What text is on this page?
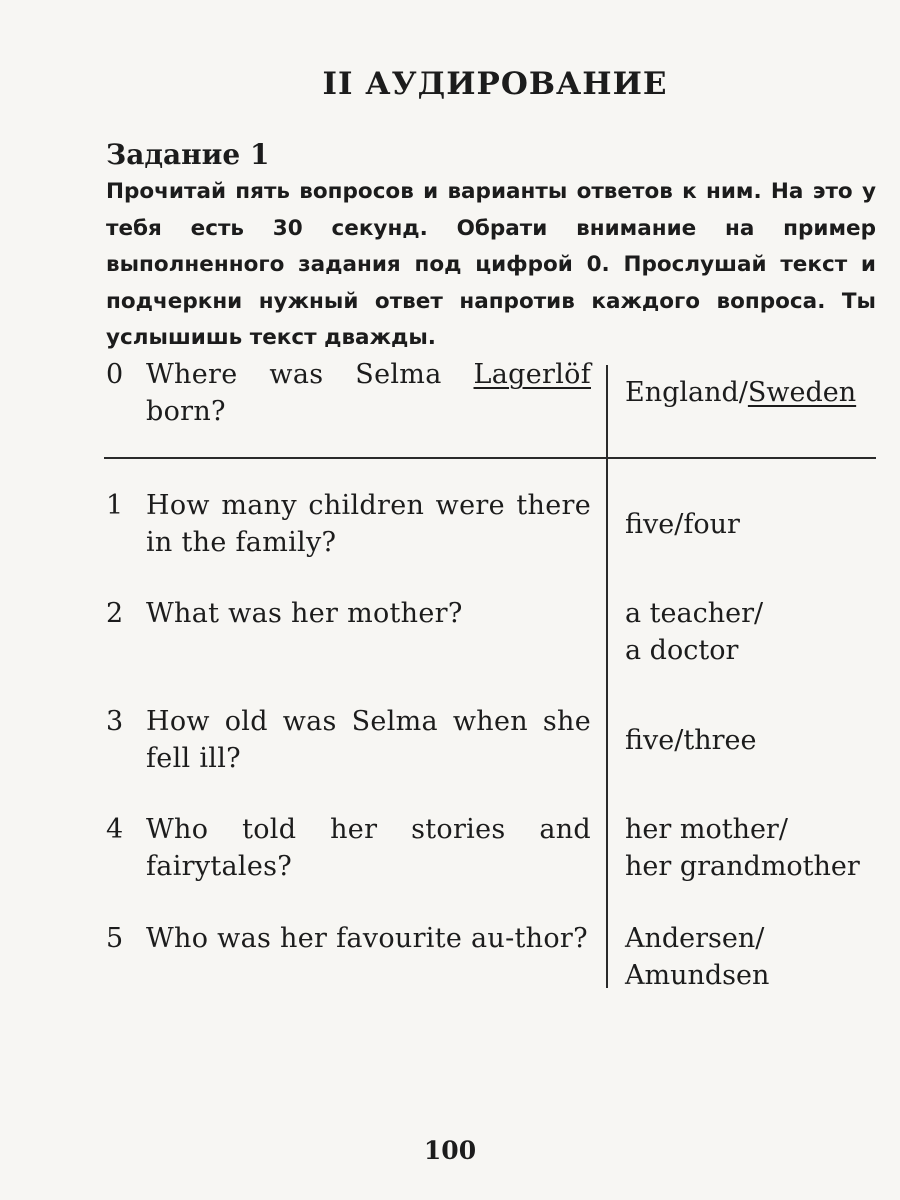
II АУДИРОВАНИЕ
Задание 1
Прочитай пять вопросов и варианты ответов к ним. На это у тебя есть 30 секунд. Обрати внимание на пример выполненного задания под цифрой 0. Прослушай текст и подчеркни нужный ответ напротив каждого вопроса. Ты услышишь текст дважды.
0 Where was Selma Lagerlöf born?
England/Sweden
1 How many children were there in the family?
five/four
2 What was her mother?	a teacher/
a doctor
3 How old was Selma when she fell ill?
five/three
4 Who told her stories and fairytales?
her mother/
her grandmother
5 Who was her favourite au-thor? Andersen/
Amundsen
100
